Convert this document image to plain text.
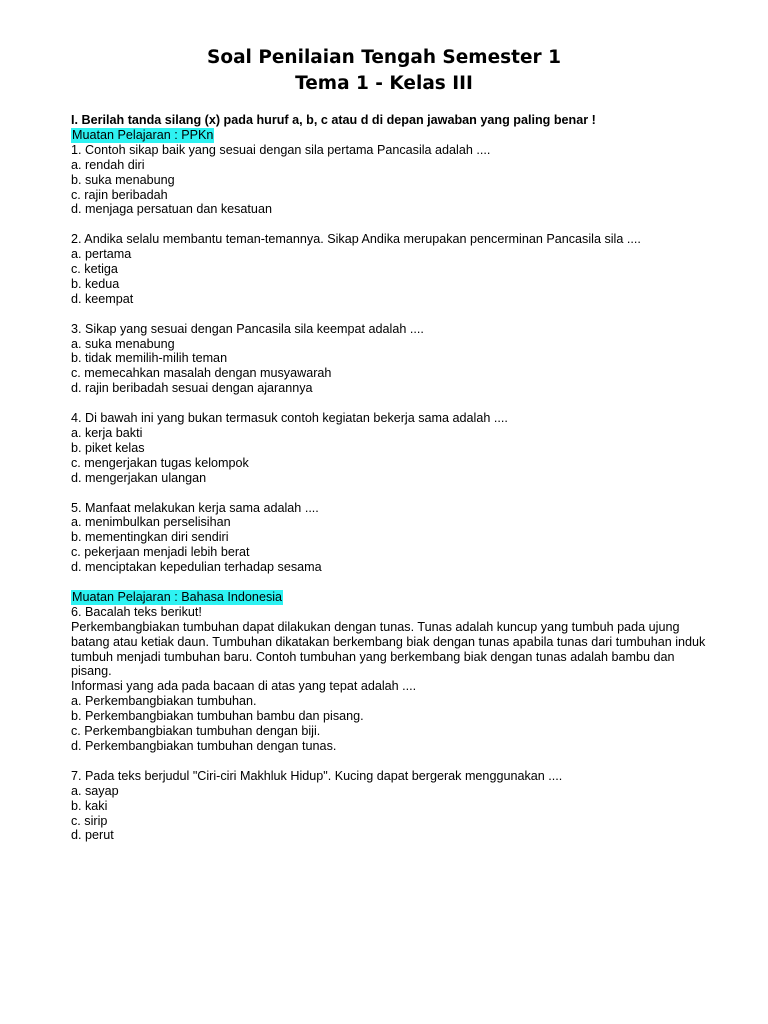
Soal Penilaian Tengah Semester 1
Tema 1 - Kelas III
I. Berilah tanda silang (x) pada huruf a, b, c atau d di depan jawaban yang paling benar !
Muatan Pelajaran : PPKn
1. Contoh sikap baik yang sesuai dengan sila pertama Pancasila adalah ....
a. rendah diri
b. suka menabung
c. rajin beribadah
d. menjaga persatuan dan kesatuan
2. Andika selalu membantu teman-temannya. Sikap Andika merupakan pencerminan Pancasila sila ....
a. pertama
c. ketiga
b. kedua
d. keempat
3. Sikap yang sesuai dengan Pancasila sila keempat adalah ....
a. suka menabung
b. tidak memilih-milih teman
c. memecahkan masalah dengan musyawarah
d. rajin beribadah sesuai dengan ajarannya
4. Di bawah ini yang bukan termasuk contoh kegiatan bekerja sama adalah ....
a. kerja bakti
b. piket kelas
c. mengerjakan tugas kelompok
d. mengerjakan ulangan
5. Manfaat melakukan kerja sama adalah ....
a. menimbulkan perselisihan
b. mementingkan diri sendiri
c. pekerjaan menjadi lebih berat
d. menciptakan kepedulian terhadap sesama
Muatan Pelajaran : Bahasa Indonesia
6. Bacalah teks berikut!
Perkembangbiakan tumbuhan dapat dilakukan dengan tunas. Tunas adalah kuncup yang tumbuh pada ujung batang atau ketiak daun. Tumbuhan dikatakan berkembang biak dengan tunas apabila tunas dari tumbuhan induk tumbuh menjadi tumbuhan baru. Contoh tumbuhan yang berkembang biak dengan tunas adalah bambu dan pisang.
Informasi yang ada pada bacaan di atas yang tepat adalah ....
a. Perkembangbiakan tumbuhan.
b. Perkembangbiakan tumbuhan bambu dan pisang.
c. Perkembangbiakan tumbuhan dengan biji.
d. Perkembangbiakan tumbuhan dengan tunas.
7. Pada teks berjudul "Ciri-ciri Makhluk Hidup". Kucing dapat bergerak menggunakan ....
a. sayap
b. kaki
c. sirip
d. perut
